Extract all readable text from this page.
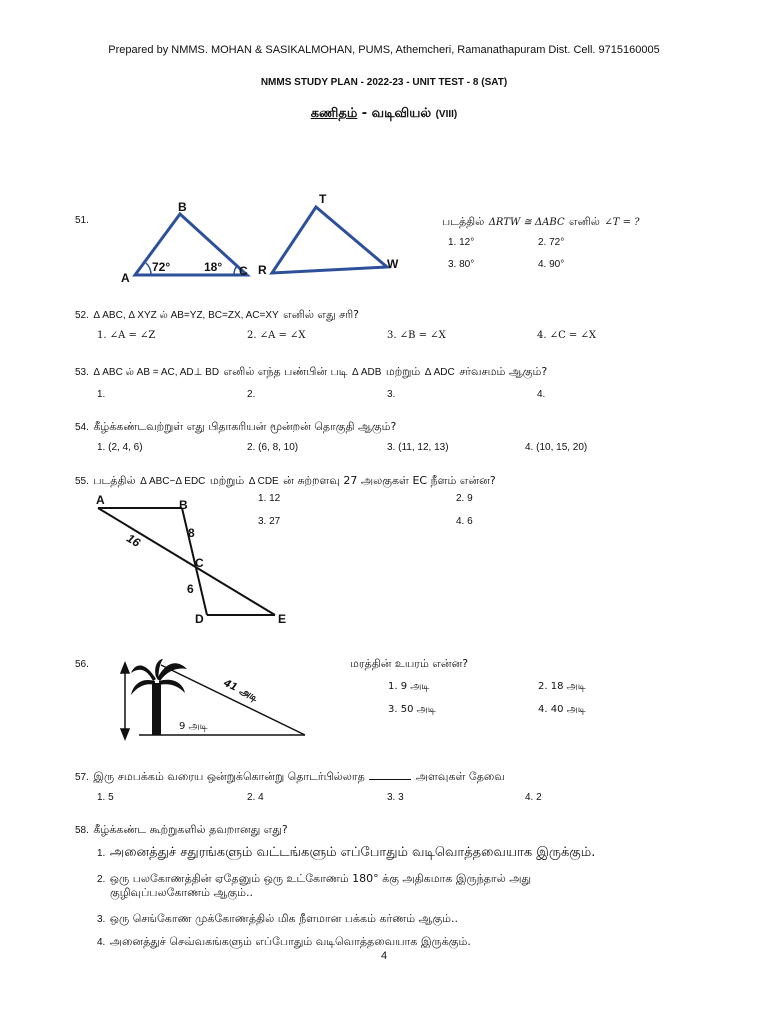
Prepared by NMMS. MOHAN & SASIKALMOHAN, PUMS, Athemcheri, Ramanathapuram Dist. Cell. 9715160005
NMMS STUDY PLAN - 2022-23 - UNIT TEST - 8 (SAT)
கணிதம் - வடிவியல் (VIII)
51.
A
B
C
T
R	W
72°	18°
படத்தில் ΔRTW ≅ ΔABC எனில் ∠T = ?
1. 12°	2. 72°
3. 80°	4. 90°
52. Δ ABC, Δ XYZ ல் AB=YZ, BC=ZX, AC=XY எனில் எது சரி?
1. ∠A = ∠Z	2. ∠A = ∠X	3. ∠B = ∠X	4. ∠C = ∠X
53. Δ ABC ல் AB = AC, AD⊥ BD எனில் எந்த பண்பின் படி Δ ADB மற்றும் Δ ADC சர்வசமம் ஆகும்?
1.	2.	3.	4.
54. கீழ்க்கண்டவற்றுள் எது பிதாகரியன் மூன்றன் தொகுதி ஆகும்?
1. (2, 4, 6)	2. (6, 8, 10)	3. (11, 12, 13)	4. (10, 15, 20)
55. படத்தில் Δ ABC~Δ EDC மற்றும் Δ CDE ன் சுற்றளவு 27 அலகுகள் EC நீளம் என்ன?
A	B
C
D	E
16	8
6
1. 12	2. 9
3. 27	4. 6
56.
41 அடி
9 அடி
மரத்தின் உயரம் என்ன?
1. 9 அடி	2. 18 அடி
3. 50 அடி	4. 40 அடி
57. இரு சமபக்கம் வரைய ஒன்றுக்கொன்று தொடர்பில்லாத	அளவுகள் தேவை
1. 5	2. 4	3. 3	4. 2
58. கீழ்க்கண்ட கூற்றுகளில் தவறானது எது?
1. அனைத்துச் சதுரங்களும் வட்டங்களும் எப்போதும் வடிவொத்தவையாக இருக்கும்.
2. ஒரு பலகோணத்தின் ஏதேனும் ஒரு உட்கோணம் 180° க்கு அதிகமாக இருந்தால் அது
குழிவுப்பலகோணம் ஆகும்..
3. ஒரு செங்கோண முக்கோணத்தில் மிக நீளமான பக்கம் கர்ணம் ஆகும்..
4. அனைத்துச் செவ்வகங்களும் எப்போதும் வடிவொத்தவையாக இருக்கும்.
4
